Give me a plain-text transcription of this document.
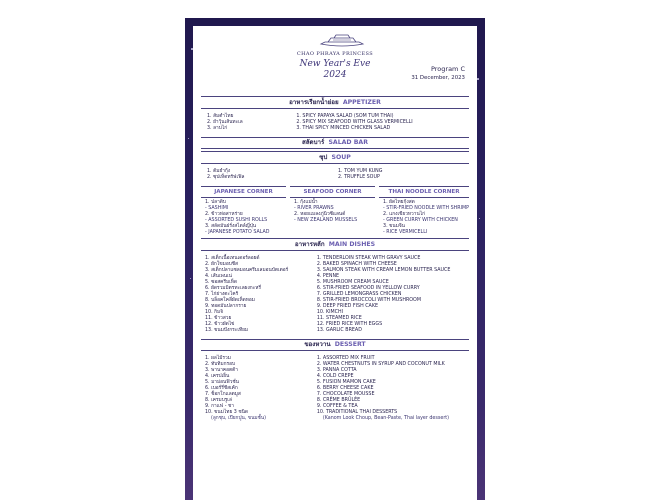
CHAO PHRAYA PRINCESS
New Year's Eve
2024
Program C
31 December, 2023
อาหารเรียกน้ำย่อย APPETIZER
1. สัมตำไทย
2. ยำวุ้นเส้นทะเล
3. ลาบไก่
1. SPICY PAPAYA SALAD (SOM TUM THAI)
2. SPICY MIX SEAFOOD WITH GLASS VERMICELLI
3. THAI SPICY MINCED CHICKEN SALAD
สลัดบาร์ SALAD BAR
ซุป SOUP
1. ต้มยำกุ้ง
2. ซุปเห็ดทรัฟเฟิล
1. TOM YUM KUNG
2. TRUFFLE SOUP
JAPANESE CORNER
1. ปลาดิบ
- SASHIMI
2. ข้าวห่อสาหร่าย
- ASSORTED SUSHI ROLLS
3. สลัดมันฝรั่งสไตล์ญี่ปุ่น
- JAPANESE POTATO SALAD
SEAFOOD CORNER
1. กุ้งแม่น้ำ
- RIVER PRAWNS
2. หอยแมลงภู่นิวซีแลนด์
- NEW ZEALAND MUSSELS
THAI NOODLE CORNER
1. ผัดไทยกุ้งสด
- STIR-FRIED NOODLE WITH SHRIMP
2. แกงเขียวหวานไก่
- GREEN CURRY WITH CHICKEN
3. ขนมจีน
- RICE VERMICELLI
อาหารหลัก MAIN DISHES
1. สเต็กเนื้อเทนเดอร์ลอยด์
2. ผักโขมอบชีส
3. สเต็กปลาแซลมอนครีมเลมอนบัตเตอร์
4. เส้นเพนเน่
5. ซอสครีมเห็ด
6. ผัดรวมมิตรทะเลผงกะหรี่
7. ไก่ย่างตะไคร้
8. บล็อคโคลี่ผัดเห็ดหอม
9. ทอดมันปลากราย
10. กิมจิ
11. ข้าวสวย
12. ข้าวผัดไข่
13. ขนมปังกระเทียม
1. TENDERLOIN STEAK WITH GRAVY SAUCE
2. BAKED SPINACH WITH CHEESE
3. SALMON STEAK WITH CREAM LEMON BUTTER SAUCE
4. PENNE
5. MUSHROOM CREAM SAUCE
6. STIR-FRIED SEAFOOD IN YELLOW CURRY
7. GRILLED LEMONGRASS CHICKEN
8. STIR-FRIED BROCCOLI WITH MUSHROOM
9. DEEP FRIED FISH CAKE
10. KIMCHI
11. STEAMED RICE
12. FRIED RICE WITH EGGS
13. GARLIC BREAD
ของหวาน DESSERT
1. ผลไม้รวม
2. ทับทิมกรอบ
3. พานาคอตต้า
4. เครปเย็น
5. มาม่อนฟิวชั่น
6. เบอร์รี่ชีสเค้ก
7. ช็อกโกแลตมูส
8. เครมบรูเล่
9. กาแฟ - ชา
10. ขนมไทย 3 ชนิด
(ลูกชุบ, เปียกปูน, ขนมชั้น)
1. ASSORTED MIX FRUIT
2. WATER CHESTNUTS IN SYRUP AND COCONUT MILK
3. PANNA COTTA
4. COLD CREPE
5. FUSION MAMON CAKE
6. BERRY CHEESE CAKE
7. CHOCOLATE MOUSSE
8. CRÈME BRÛLÉE
9. COFFEE & TEA
10. TRADITIONAL THAI DESSERTS
(Kanom Look Choup, Bean-Paste, Thai layer dessert)
